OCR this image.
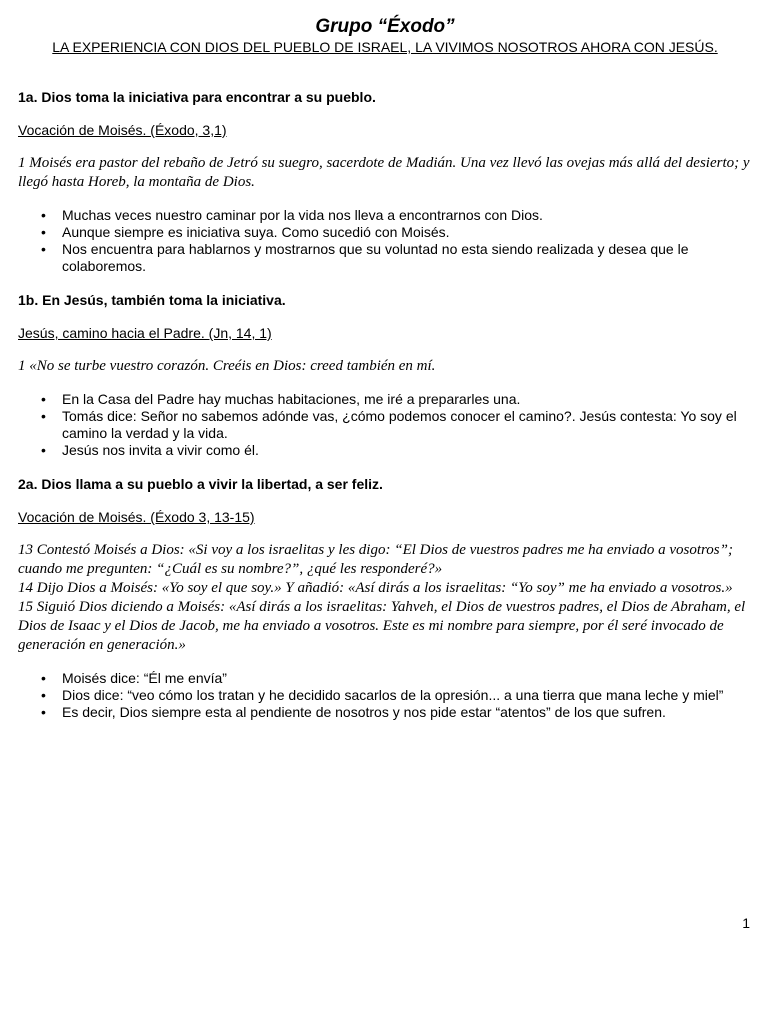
Grupo “Éxodo”

LA EXPERIENCIA CON DIOS DEL PUEBLO DE ISRAEL, LA VIVIMOS NOSOTROS AHORA CON JESÚS.

1a. Dios toma la iniciativa para encontrar a su pueblo.

Vocación de Moisés. (Éxodo, 3,1)

1 Moisés era pastor del rebaño de Jetró su suegro, sacerdote de Madián. Una vez llevó las ovejas más allá del desierto; y llegó hasta Horeb, la montaña de Dios.

• Muchas veces nuestro caminar por la vida nos lleva a encontrarnos con Dios.
• Aunque siempre es iniciativa suya. Como sucedió con Moisés.
• Nos encuentra para hablarnos y mostrarnos que su voluntad no esta siendo realizada y desea que le colaboremos.

1b. En Jesús, también toma la iniciativa.

Jesús, camino hacia el Padre. (Jn, 14, 1)

1 «No se turbe vuestro corazón. Creéis en Dios: creed también en mí.

• En la Casa del Padre hay muchas habitaciones, me iré a prepararles una.
• Tomás dice: Señor no sabemos adónde vas, ¿cómo podemos conocer el camino?. Jesús contesta: Yo soy el camino la verdad y la vida.
• Jesús nos invita a vivir como él.

2a. Dios llama a su pueblo a vivir la libertad, a ser feliz.

Vocación de Moisés. (Éxodo 3, 13-15)

13 Contestó Moisés a Dios: «Si voy a los israelitas y les digo: “El Dios de vuestros padres me ha enviado a vosotros”; cuando me pregunten: “¿Cuál es su nombre?”, ¿qué les responderé?»
14 Dijo Dios a Moisés: «Yo soy el que soy.» Y añadió: «Así dirás a los israelitas: “Yo soy” me ha enviado a vosotros.»
15 Siguió Dios diciendo a Moisés: «Así dirás a los israelitas: Yahveh, el Dios de vuestros padres, el Dios de Abraham, el Dios de Isaac y el Dios de Jacob, me ha enviado a vosotros. Este es mi nombre para siempre, por él seré invocado de generación en generación.»

• Moisés dice: “Él me envía”
• Dios dice: “veo cómo los tratan y he decidido sacarlos de la opresión... a una tierra que mana leche y miel”
• Es decir, Dios siempre esta al pendiente de nosotros y nos pide estar “atentos” de los que sufren.
1
